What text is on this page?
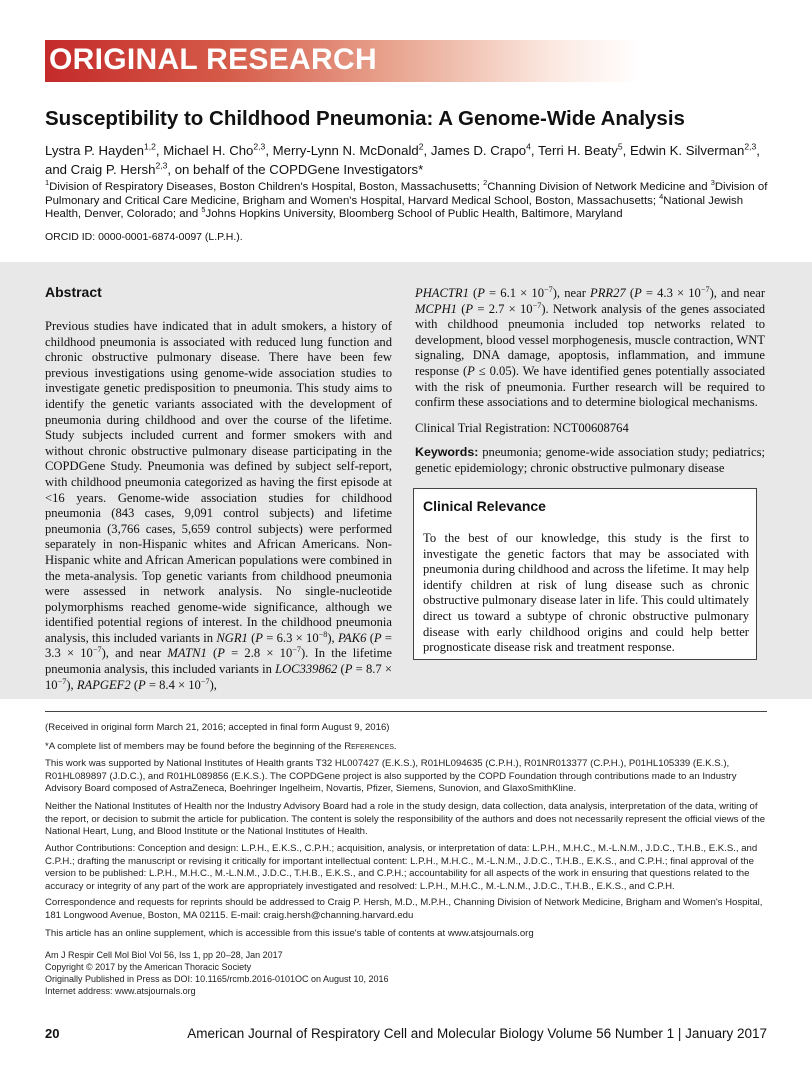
ORIGINAL RESEARCH
Susceptibility to Childhood Pneumonia: A Genome-Wide Analysis
Lystra P. Hayden$^{1,2}$, Michael H. Cho$^{2,3}$, Merry-Lynn N. McDonald$^2$, James D. Crapo$^4$, Terri H. Beaty$^5$, Edwin K. Silverman$^{2,3}$, and Craig P. Hersh$^{2,3}$, on behalf of the COPDGene Investigators*
$^1$Division of Respiratory Diseases, Boston Children's Hospital, Boston, Massachusetts; $^2$Channing Division of Network Medicine and $^3$Division of Pulmonary and Critical Care Medicine, Brigham and Women's Hospital, Harvard Medical School, Boston, Massachusetts; $^4$National Jewish Health, Denver, Colorado; and $^5$Johns Hopkins University, Bloomberg School of Public Health, Baltimore, Maryland
ORCID ID: 0000-0001-6874-0097 (L.P.H.).
Abstract
Previous studies have indicated that in adult smokers, a history of childhood pneumonia is associated with reduced lung function and chronic obstructive pulmonary disease. There have been few previous investigations using genome-wide association studies to investigate genetic predisposition to pneumonia. This study aims to identify the genetic variants associated with the development of pneumonia during childhood and over the course of the lifetime. Study subjects included current and former smokers with and without chronic obstructive pulmonary disease participating in the COPDGene Study. Pneumonia was defined by subject self-report, with childhood pneumonia categorized as having the first episode at <16 years. Genome-wide association studies for childhood pneumonia (843 cases, 9,091 control subjects) and lifetime pneumonia (3,766 cases, 5,659 control subjects) were performed separately in non-Hispanic whites and African Americans. Non-Hispanic white and African American populations were combined in the meta-analysis. Top genetic variants from childhood pneumonia were assessed in network analysis. No single-nucleotide polymorphisms reached genome-wide significance, although we identified potential regions of interest. In the childhood pneumonia analysis, this included variants in NGR1 $(P = 6.3 \times 10^{-8})$, PAK6 $(P = 3.3 \times 10^{-7})$, and near MATN1 $(P = 2.8 \times 10^{-7})$. In the lifetime pneumonia analysis, this included variants in LOC339862 $(P = 8.7 \times 10^{-7})$, RAPGEF2 $(P = 8.4 \times 10^{-7})$,
PHACTR1 $(P = 6.1 \times 10^{-7})$, near PRR27 $(P = 4.3 \times 10^{-7})$, and near MCPH1 $(P = 2.7 \times 10^{-7})$. Network analysis of the genes associated with childhood pneumonia included top networks related to development, blood vessel morphogenesis, muscle contraction, WNT signaling, DNA damage, apoptosis, inflammation, and immune response (P ≤ 0.05). We have identified genes potentially associated with the risk of pneumonia. Further research will be required to confirm these associations and to determine biological mechanisms.
Clinical Trial Registration: NCT00608764
Keywords: pneumonia; genome-wide association study; pediatrics; genetic epidemiology; chronic obstructive pulmonary disease
Clinical Relevance
To the best of our knowledge, this study is the first to investigate the genetic factors that may be associated with pneumonia during childhood and across the lifetime. It may help identify children at risk of lung disease such as chronic obstructive pulmonary disease later in life. This could ultimately direct us toward a subtype of chronic obstructive pulmonary disease with early childhood origins and could help better prognosticate disease risk and treatment response.
(Received in original form March 21, 2016; accepted in final form August 9, 2016)
*A complete list of members may be found before the beginning of the References.
This work was supported by National Institutes of Health grants T32 HL007427 (E.K.S.), R01HL094635 (C.P.H.), R01NR013377 (C.P.H.), P01HL105339 (E.K.S.), R01HL089897 (J.D.C.), and R01HL089856 (E.K.S.). The COPDGene project is also supported by the COPD Foundation through contributions made to an Industry Advisory Board composed of AstraZeneca, Boehringer Ingelheim, Novartis, Pfizer, Siemens, Sunovion, and GlaxoSmithKline.
Neither the National Institutes of Health nor the Industry Advisory Board had a role in the study design, data collection, data analysis, interpretation of the data, writing of the report, or decision to submit the article for publication. The content is solely the responsibility of the authors and does not necessarily represent the official views of the National Heart, Lung, and Blood Institute or the National Institutes of Health.
Author Contributions: Conception and design: L.P.H., E.K.S., C.P.H.; acquisition, analysis, or interpretation of data: L.P.H., M.H.C., M.-L.N.M., J.D.C., T.H.B., E.K.S., and C.P.H.; drafting the manuscript or revising it critically for important intellectual content: L.P.H., M.H.C., M.-L.N.M., J.D.C., T.H.B., E.K.S., and C.P.H.; final approval of the version to be published: L.P.H., M.H.C., M.-L.N.M., J.D.C., T.H.B., E.K.S., and C.P.H.; accountability for all aspects of the work in ensuring that questions related to the accuracy or integrity of any part of the work are appropriately investigated and resolved: L.P.H., M.H.C., M.-L.N.M., J.D.C., T.H.B., E.K.S., and C.P.H.
Correspondence and requests for reprints should be addressed to Craig P. Hersh, M.D., M.P.H., Channing Division of Network Medicine, Brigham and Women's Hospital, 181 Longwood Avenue, Boston, MA 02115. E-mail: craig.hersh@channing.harvard.edu
This article has an online supplement, which is accessible from this issue's table of contents at www.atsjournals.org
Am J Respir Cell Mol Biol Vol 56, Iss 1, pp 20–28, Jan 2017
Copyright © 2017 by the American Thoracic Society
Originally Published in Press as DOI: 10.1165/rcmb.2016-0101OC on August 10, 2016
Internet address: www.atsjournals.org
20	American Journal of Respiratory Cell and Molecular Biology Volume 56 Number 1 | January 2017
